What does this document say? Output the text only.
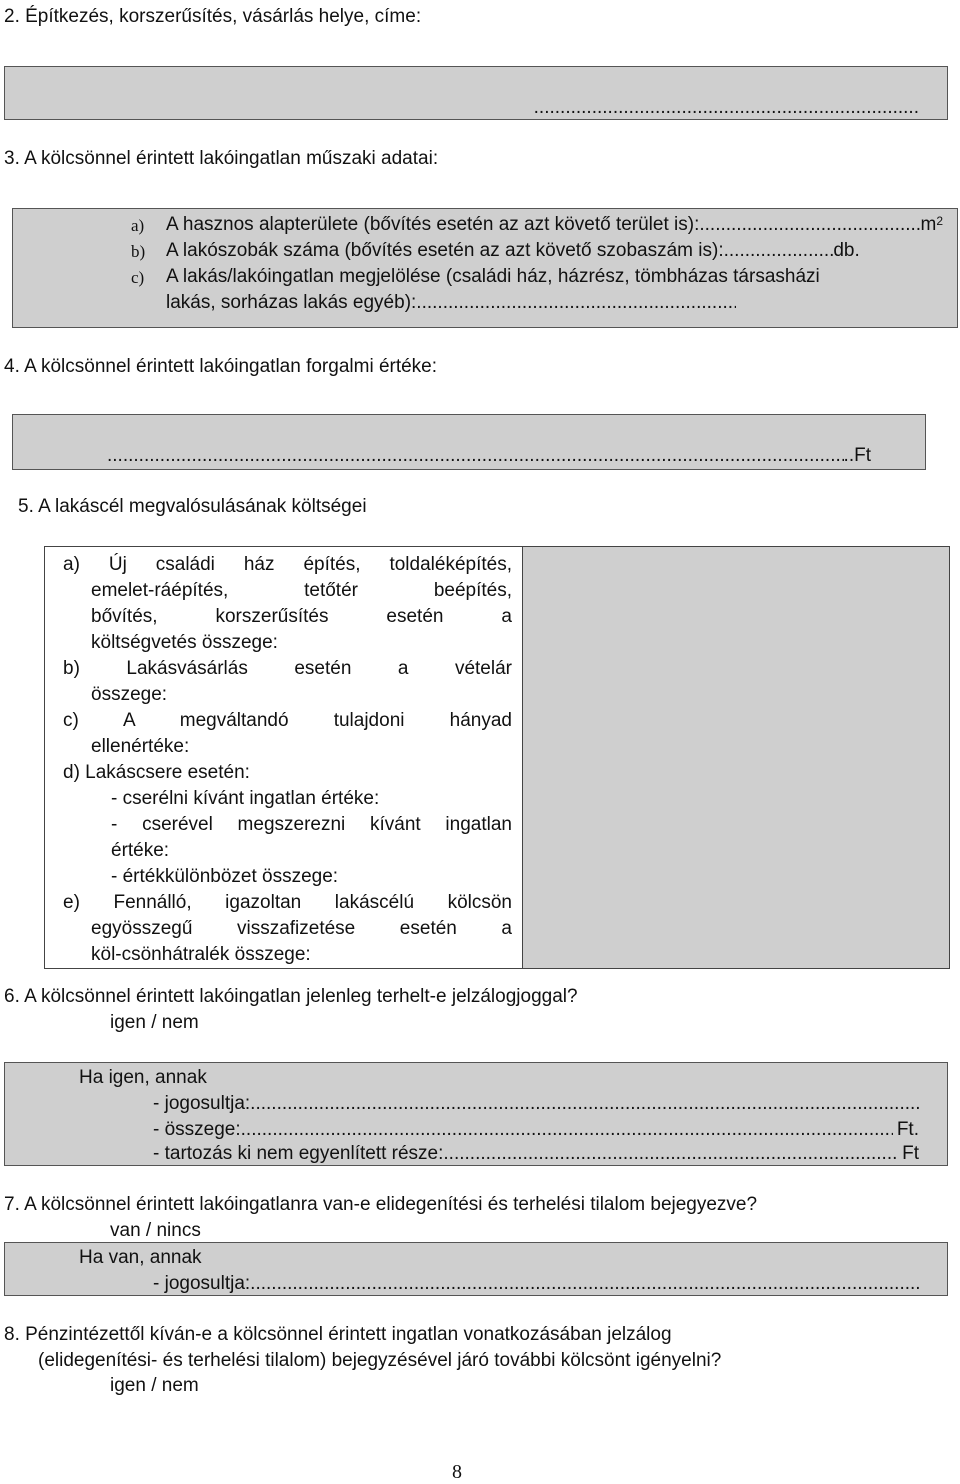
2. Építkezés, korszerűsítés, vásárlás helye, címe:
.........................................................................
3. A kölcsönnel érintett lakóingatlan műszaki adatai:
a) A hasznos alapterülete (bővítés esetén az azt követő terület is): .....	m 2
b) A lakószobák száma (bővítés esetén az azt követő szobaszám is): .....	db.
c) A lakás/lakóingatlan megjelölése (családi ház, házrész, tömbházas társasházi
lakás, sorházas lakás egyéb):
.....
4. A kölcsönnel érintett lakóingatlan forgalmi értéke:
.....
..Ft
5. A lakáscél megvalósulásának költségei
a) Új családi ház építés, toldaléképítés,
emelet-ráépítés, tetőtér beépítés,
bővítés, korszerűsítés esetén a
költségvetés összege:
b) Lakásvásárlás esetén a vételár
összege:
c) A megváltandó tulajdoni hányad
ellenértéke:
d) Lakáscsere esetén:
- cserélni kívánt ingatlan értéke:
- cserével megszerezni kívánt ingatlan
értéke:
- értékkülönbözet összege:
e) Fennálló, igazoltan lakáscélú kölcsön
egyösszegű visszafizetése esetén a
köl-csönhátralék összege:

6. A kölcsönnel érintett lakóingatlan jelenleg terhelt-e jelzálogjoggal?
igen / nem
Ha igen, annak
- jogosultja:
.....
- összege: .....	Ft.
- tartozás ki nem egyenlített része: .....	Ft
7. A kölcsönnel érintett lakóingatlanra van-e elidegenítési és terhelési tilalom bejegyezve?
van / nincs
Ha van, annak
- jogosultja:
.....
8. Pénzintézettől kíván-e a kölcsönnel érintett ingatlan vonatkozásában jelzálog
(elidegenítési- és terhelési tilalom) bejegyzésével járó további kölcsönt igényelni?
igen / nem
8
